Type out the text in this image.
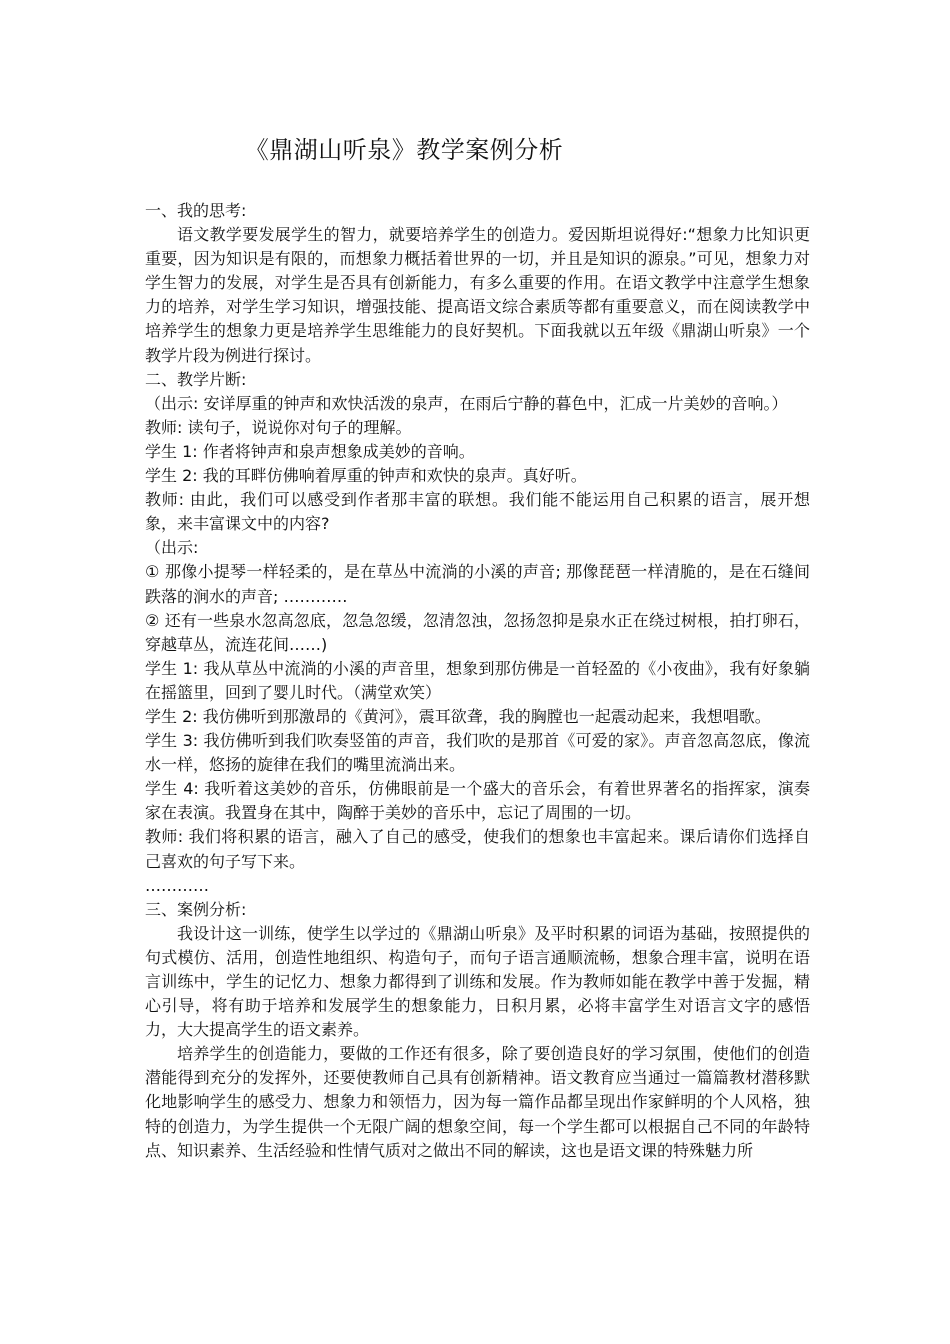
《鼎湖山听泉》教学案例分析

一、我的思考:

语文教学要发展学生的智力，就要培养学生的创造力。爱因斯坦说得好:“想象力比知识更重要，因为知识是有限的，而想象力概括着世界的一切，并且是知识的源泉。”可见，想象力对学生智力的发展，对学生是否具有创新能力，有多么重要的作用。在语文教学中注意学生想象力的培养，对学生学习知识，增强技能、提高语文综合素质等都有重要意义，而在阅读教学中培养学生的想象力更是培养学生思维能力的良好契机。下面我就以五年级《鼎湖山听泉》一个教学片段为例进行探讨。

二、教学片断:

（出示: 安详厚重的钟声和欢快活泼的泉声，在雨后宁静的暮色中，汇成一片美妙的音响。）

教师: 读句子，说说你对句子的理解。

学生 1: 作者将钟声和泉声想象成美妙的音响。

学生 2: 我的耳畔仿佛响着厚重的钟声和欢快的泉声。真好听。

教师: 由此，我们可以感受到作者那丰富的联想。我们能不能运用自己积累的语言，展开想象，来丰富课文中的内容?

（出示:

① 那像小提琴一样轻柔的，是在草丛中流淌的小溪的声音; 那像琵琶一样清脆的，是在石缝间跌落的涧水的声音; …………

② 还有一些泉水忽高忽底，忽急忽缓，忽清忽浊，忽扬忽抑是泉水正在绕过树根，拍打卵石，穿越草丛，流连花间……)

学生 1: 我从草丛中流淌的小溪的声音里，想象到那仿佛是一首轻盈的《小夜曲》，我有好象躺在摇篮里，回到了婴儿时代。（满堂欢笑）

学生 2: 我仿佛听到那激昂的《黄河》，震耳欲聋，我的胸膛也一起震动起来，我想唱歌。

学生 3: 我仿佛听到我们吹奏竖笛的声音，我们吹的是那首《可爱的家》。声音忽高忽底，像流水一样，悠扬的旋律在我们的嘴里流淌出来。

学生 4: 我听着这美妙的音乐，仿佛眼前是一个盛大的音乐会，有着世界著名的指挥家，演奏家在表演。我置身在其中，陶醉于美妙的音乐中，忘记了周围的一切。

教师: 我们将积累的语言，融入了自己的感受，使我们的想象也丰富起来。课后请你们选择自己喜欢的句子写下来。

…………

三、案例分析:

我设计这一训练，使学生以学过的《鼎湖山听泉》及平时积累的词语为基础，按照提供的句式模仿、活用，创造性地组织、构造句子，而句子语言通顺流畅，想象合理丰富，说明在语言训练中，学生的记忆力、想象力都得到了训练和发展。作为教师如能在教学中善于发掘，精心引导，将有助于培养和发展学生的想象能力，日积月累，必将丰富学生对语言文字的感悟力，大大提高学生的语文素养。

培养学生的创造能力，要做的工作还有很多，除了要创造良好的学习氛围，使他们的创造潜能得到充分的发挥外，还要使教师自己具有创新精神。语文教育应当通过一篇篇教材潜移默化地影响学生的感受力、想象力和领悟力，因为每一篇作品都呈现出作家鲜明的个人风格，独特的创造力，为学生提供一个无限广阔的想象空间，每一个学生都可以根据自己不同的年龄特点、知识素养、生活经验和性情气质对之做出不同的解读，这也是语文课的特殊魅力所
